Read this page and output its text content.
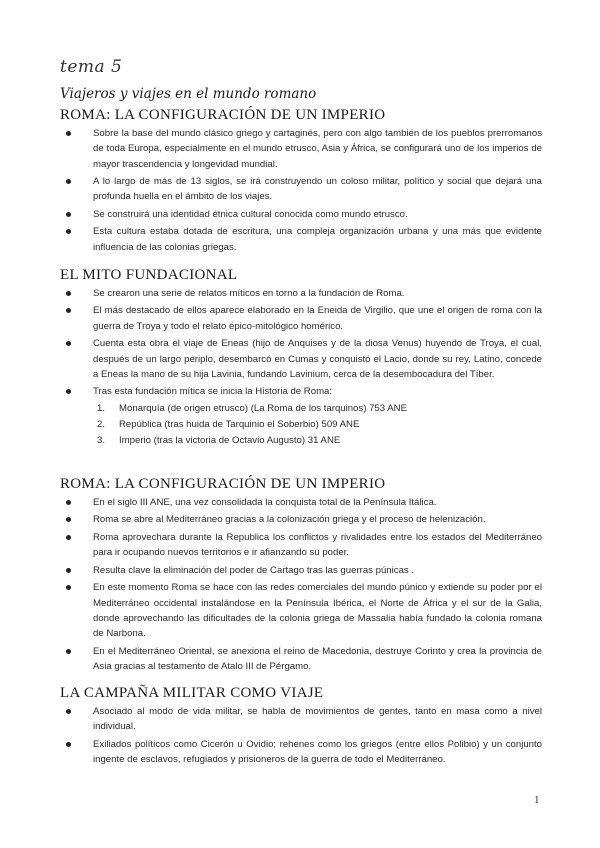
tema 5
Viajeros y viajes en el mundo romano
ROMA: LA CONFIGURACIÓN DE UN IMPERIO
Sobre la base del mundo clásico griego y cartaginés, pero con algo también de los pueblos prerromanos de toda Europa, especialmente en el mundo etrusco, Asia y África, se configurará uno de los imperios de mayor trascendencia y longevidad mundial.
A lo largo de más de 13 siglos, se irá construyendo un coloso militar, político y social que dejará una profunda huella en el ámbito de los viajes.
Se construirá una identidad étnica cultural conocida como mundo etrusco.
Esta cultura estaba dotada de escritura, una compleja organización urbana y una más que evidente influencia de las colonias griegas.
EL MITO FUNDACIONAL
Se crearon una serie de relatos míticos en torno a la fundación de Roma.
El más destacado de ellos aparece elaborado en la Eneida de Virgilio, que une el origen de roma con la guerra de Troya y todo el relato épico-mitológico homérico.
Cuenta esta obra el viaje de Eneas (hijo de Anquises y de la diosa Venus) huyendo de Troya, el cual, después de un largo periplo, desembarcó en Cumas y conquistó el Lacio, donde su rey, Latino, concede a Eneas la mano de su hija Lavinia, fundando Lavinium, cerca de la desembocadura del Tíber.
Tras esta fundación mítica se inicia la Historia de Roma:
1. Monarquía (de origen etrusco) (La Roma de los tarquinos) 753 ANE
2. República (tras huida de Tarquinio el Soberbio) 509 ANE
3. Imperio (tras la victoria de Octavio Augusto) 31 ANE
ROMA: LA CONFIGURACIÓN DE UN IMPERIO
En el siglo III ANE, una vez consolidada la conquista total de la Península Itálica.
Roma se abre al Mediterráneo gracias a la colonización griega y el proceso de helenización.
Roma aprovechara durante la Republica los conflictos y rivalidades entre los estados del Mediterráneo para ir ocupando nuevos territorios e ir afianzando su poder.
Resulta clave la eliminación del poder de Cartago tras las guerras púnicas .
En este momento Roma se hace con las redes comerciales del mundo púnico y extiende su poder por el Mediterráneo occidental instalándose en la Península Ibérica, el Norte de África y el sur de la Galia, donde aprovechando las dificultades de la colonia griega de Massalia había fundado la colonia romana de Narbona.
En el Mediterráneo Oriental, se anexiona el reino de Macedonia, destruye Corinto y crea la provincia de Asia gracias al testamento de Atalo III de Pérgamo.
LA CAMPAÑA MILITAR COMO VIAJE
Asociado al modo de vida militar, se habla de movimientos de gentes, tanto en masa como a nivel individual.
Exiliados políticos como Cicerón u Ovidio; rehenes como los griegos (entre ellos Polibio) y un conjunto ingente de esclavos, refugiados y prisioneros de la guerra de todo el Mediterráneo.
1
